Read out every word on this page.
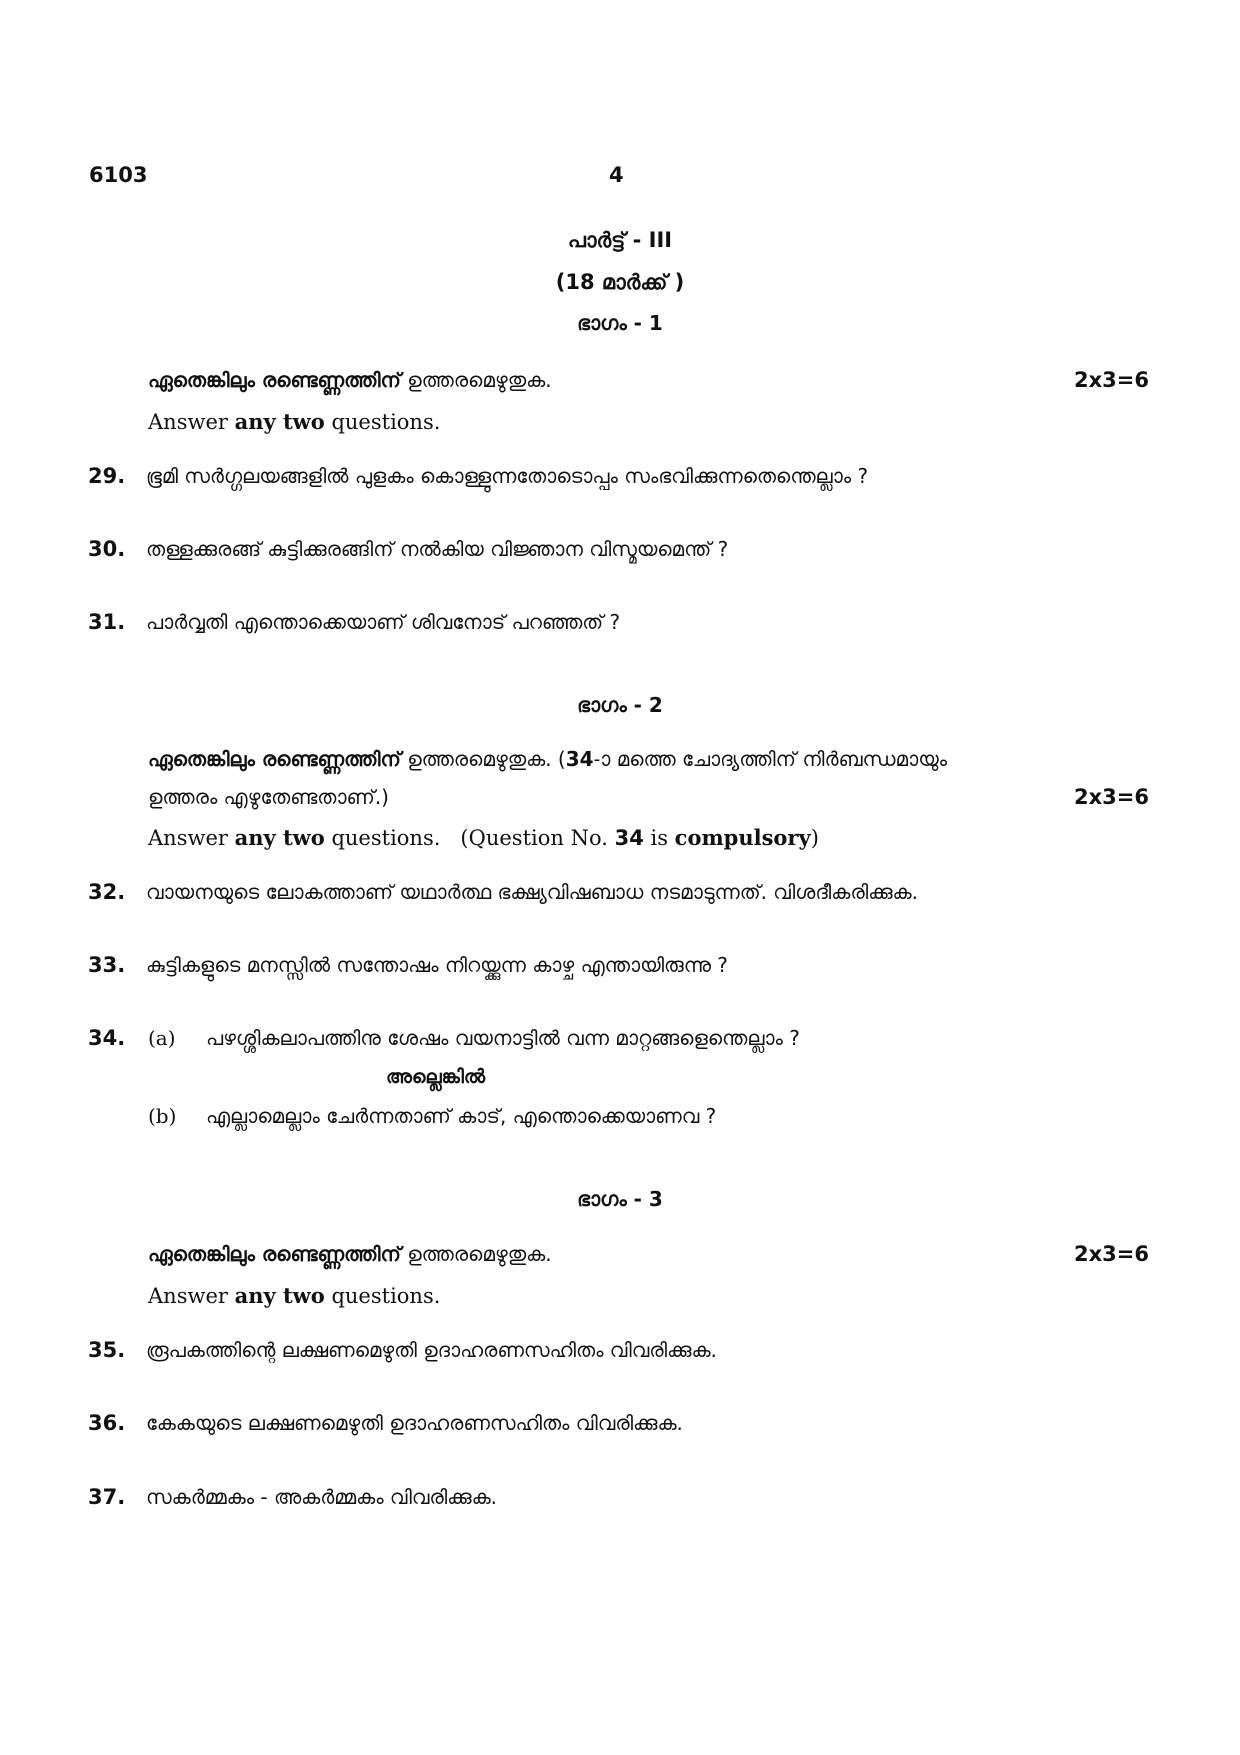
6103	4
പാർട്ട് - III
(18 മാർക്ക് )
ഭാഗം - 1
ഏതെങ്കിലും രണ്ടെണ്ണത്തിന് ഉത്തരമെഴുതുക.	2x3=6
Answer any two questions.
29. ഭൂമി സർഗ്ഗലയങ്ങളിൽ പുളകം കൊള്ളുന്നതോടൊപ്പം സംഭവിക്കുന്നതെന്തെല്ലാം ?
30. തള്ളക്കുരങ്ങ് കുട്ടിക്കുരങ്ങിന് നൽകിയ വിജ്ഞാന വിസ്മയമെന്ത് ?
31. പാർവ്വതി എന്തൊക്കെയാണ് ശിവനോട് പറഞ്ഞത് ?
ഭാഗം - 2
ഏതെങ്കിലും രണ്ടെണ്ണത്തിന് ഉത്തരമെഴുതുക. (34-ാ മത്തെ ചോദ്യത്തിന് നിർബന്ധമായും
ഉത്തരം എഴുതേണ്ടതാണ്.)	2x3=6
Answer any two questions.   (Question No. 34 is compulsory)
32. വായനയുടെ ലോകത്താണ് യഥാർത്ഥ ഭക്ഷ്യവിഷബാധ നടമാടുന്നത്. വിശദീകരിക്കുക.
33. കുട്ടികളുടെ മനസ്സിൽ സന്തോഷം നിറയ്ക്കുന്ന കാഴ്ച എന്തായിരുന്നു ?
34. (a) പഴശ്ശികലാപത്തിനു ശേഷം വയനാട്ടിൽ വന്ന മാറ്റങ്ങളെന്തെല്ലാം ?
അല്ലെങ്കിൽ
(b) എല്ലാമെല്ലാം ചേർന്നതാണ് കാട്, എന്തൊക്കെയാണവ ?
ഭാഗം - 3
ഏതെങ്കിലും രണ്ടെണ്ണത്തിന് ഉത്തരമെഴുതുക.	2x3=6
Answer any two questions.
35. രൂപകത്തിന്റെ ലക്ഷണമെഴുതി ഉദാഹരണസഹിതം വിവരിക്കുക.
36. കേകയുടെ ലക്ഷണമെഴുതി ഉദാഹരണസഹിതം വിവരിക്കുക.
37. സകർമ്മകം - അകർമ്മകം വിവരിക്കുക.
